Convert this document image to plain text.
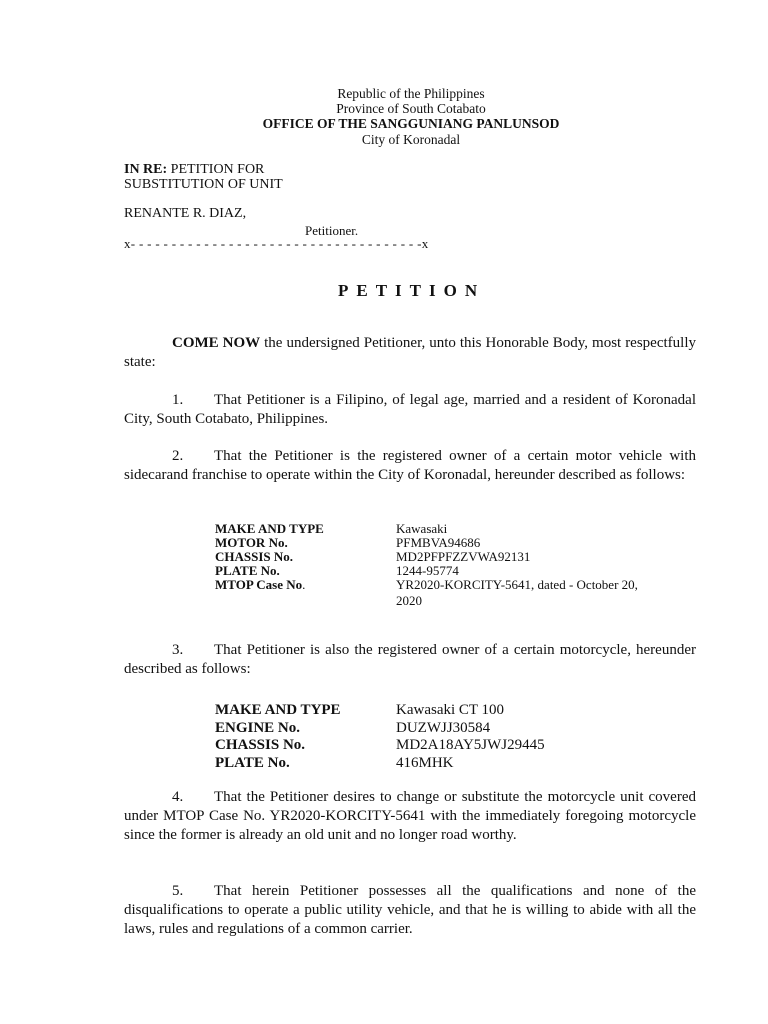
Republic of the Philippines
Province of South Cotabato
OFFICE OF THE SANGGUNIANG PANLUNSOD
City of Koronadal
IN RE: PETITION FOR
SUBSTITUTION OF UNIT
RENANTE R. DIAZ,
Petitioner.
x- - - - - - - - - - - - - - - - - - - - - - - - - - - - - - - - - - - -x
PETITION
COME NOW the undersigned Petitioner, unto this Honorable Body, most respectfully state:
1. That Petitioner is a Filipino, of legal age, married and a resident of Koronadal City, South Cotabato, Philippines.
2. That the Petitioner is the registered owner of a certain motor vehicle with sidecarand franchise to operate within the City of Koronadal, hereunder described as follows:
MAKE AND TYPE	Kawasaki
MOTOR No.	PFMBVA94686
CHASSIS No.	MD2PFPFZZVWA92131
PLATE No.	1244-95774
MTOP Case No.	YR2020-KORCITY-5641, dated - October 20,
2020
3. That Petitioner is also the registered owner of a certain motorcycle, hereunder described as follows:
MAKE AND TYPE	Kawasaki CT 100
ENGINE No.	DUZWJJ30584
CHASSIS No.	MD2A18AY5JWJ29445
PLATE No.	416MHK
4. That the Petitioner desires to change or substitute the motorcycle unit covered under MTOP Case No. YR2020-KORCITY-5641 with the immediately foregoing motorcycle since the former is already an old unit and no longer road worthy.
5. That herein Petitioner possesses all the qualifications and none of the disqualifications to operate a public utility vehicle, and that he is willing to abide with all the laws, rules and regulations of a common carrier.
